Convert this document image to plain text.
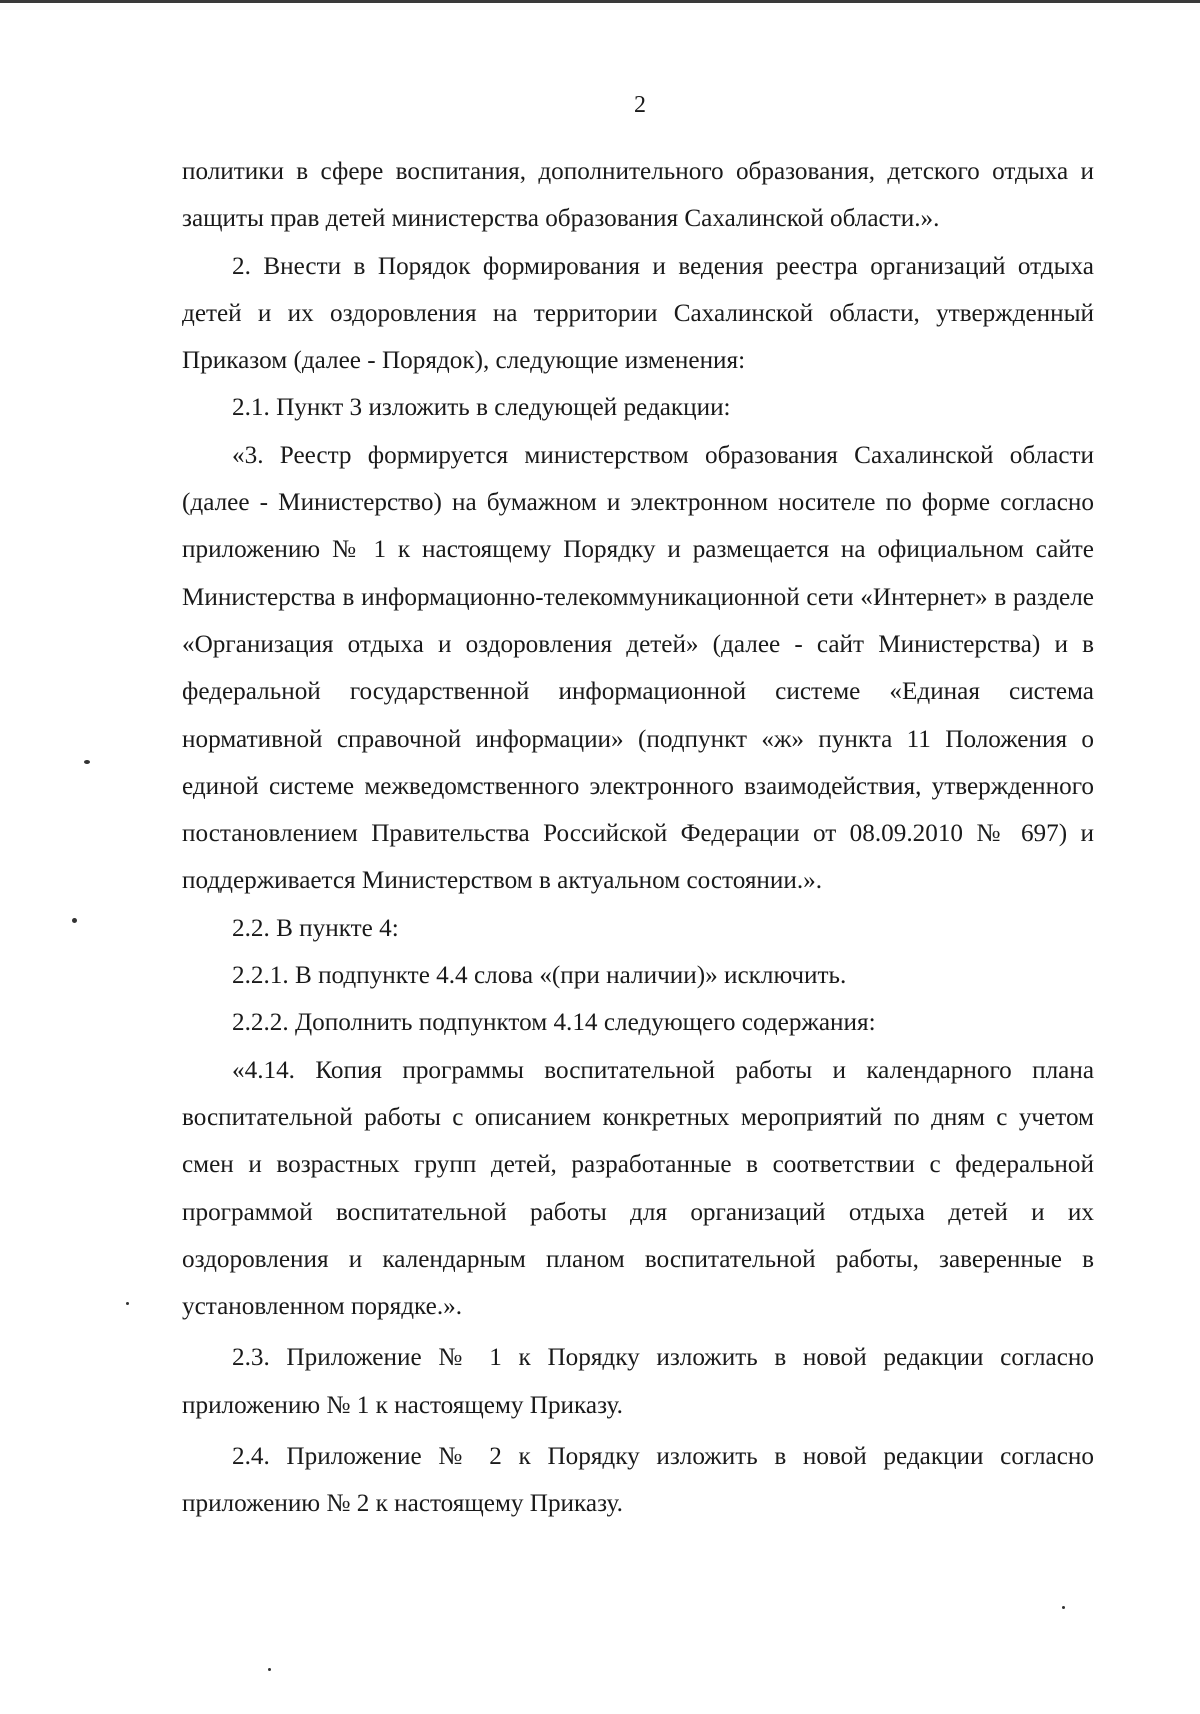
2

политики в сфере воспитания, дополнительного образования, детского отдыха и защиты прав детей министерства образования Сахалинской области.».

2. Внести в Порядок формирования и ведения реестра организаций отдыха детей и их оздоровления на территории Сахалинской области, утвержденный Приказом (далее - Порядок), следующие изменения:

2.1. Пункт 3 изложить в следующей редакции:

«3. Реестр формируется министерством образования Сахалинской области (далее - Министерство) на бумажном и электронном носителе по форме согласно приложению № 1 к настоящему Порядку и размещается на официальном сайте Министерства в информационно-телекоммуникационной сети «Интернет» в разделе «Организация отдыха и оздоровления детей» (далее - сайт Министерства) и в федеральной государственной информационной системе «Единая система нормативной справочной информации» (подпункт «ж» пункта 11 Положения о единой системе межведомственного электронного взаимодействия, утвержденного постановлением Правительства Российской Федерации от 08.09.2010 № 697) и поддерживается Министерством в актуальном состоянии.».

2.2. В пункте 4:

2.2.1. В подпункте 4.4 слова «(при наличии)» исключить.

2.2.2. Дополнить подпунктом 4.14 следующего содержания:

«4.14. Копия программы воспитательной работы и календарного плана воспитательной работы с описанием конкретных мероприятий по дням с учетом смен и возрастных групп детей, разработанные в соответствии с федеральной программой воспитательной работы для организаций отдыха детей и их оздоровления и календарным планом воспитательной работы, заверенные в установленном порядке.».

2.3. Приложение № 1 к Порядку изложить в новой редакции согласно приложению № 1 к настоящему Приказу.

2.4. Приложение № 2 к Порядку изложить в новой редакции согласно приложению № 2 к настоящему Приказу.
